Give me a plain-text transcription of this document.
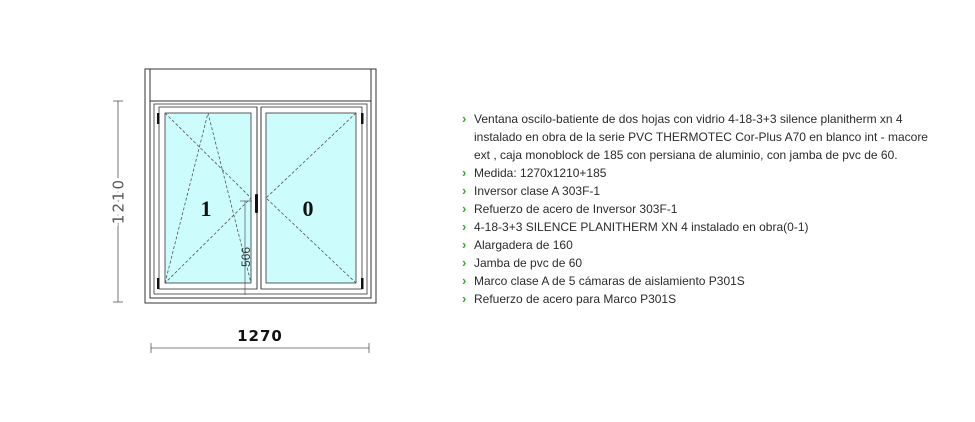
566
1	0
1210
1270
› Ventana oscilo-batiente de dos hojas con vidrio 4-18-3+3 silence planitherm xn 4 instalado en obra de la serie PVC THERMOTEC Cor-Plus A70 en blanco int - macore ext , caja monoblock de 185 con persiana de aluminio, con jamba de pvc de 60.
› Medida: 1270x1210+185
› Inversor clase A 303F-1
› Refuerzo de acero de Inversor 303F-1
› 4-18-3+3 SILENCE PLANITHERM XN 4 instalado en obra(0-1)
› Alargadera de 160
› Jamba de pvc de 60
› Marco clase A de 5 cámaras de aislamiento P301S
› Refuerzo de acero para Marco P301S
